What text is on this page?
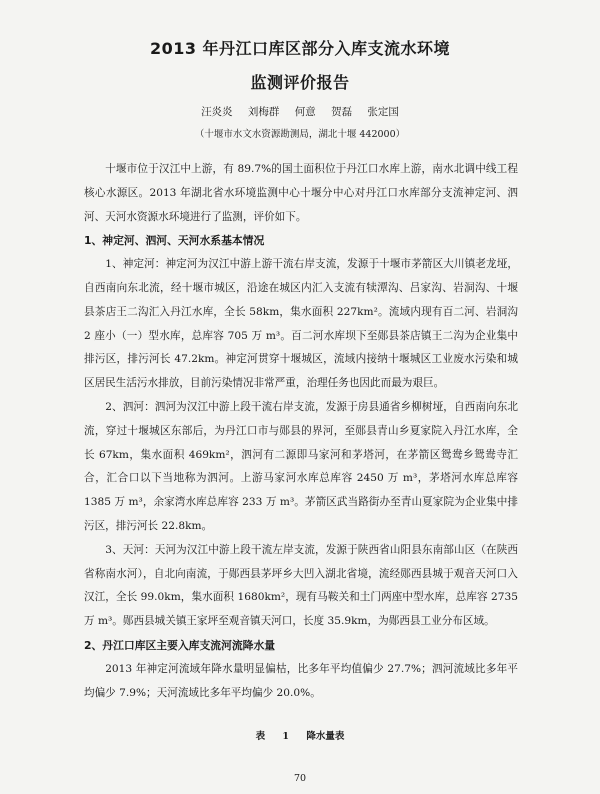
2013 年丹江口库区部分入库支流水环境
监测评价报告
汪炎炎 刘梅群 何意 贺磊 张定国
（十堰市水文水资源勘测局，湖北十堰 442000）

十堰市位于汉江中上游，有 89.7%的国土面积位于丹江口水库上游，南水北调中线工程核心水源区。2013 年湖北省水环境监测中心十堰分中心对丹江口水库部分支流神定河、泗河、天河水资源水环境进行了监测，评价如下。

1、神定河、泗河、天河水系基本情况

1、神定河：神定河为汉江中游上游干流右岸支流，发源于十堰市茅箭区大川镇老龙垭，自西南向东北流，经十堰市城区，沿途在城区内汇入支流有犊潭沟、吕家沟、岩洞沟、十堰县茶店王二沟汇入丹江水库，全长 58km，集水面积 227km²。流域内现有百二河、岩洞沟 2 座小（一）型水库，总库容 705 万 m³。百二河水库坝下至郧县茶店镇王二沟为企业集中排污区，排污河长 47.2km。神定河贯穿十堰城区，流域内接纳十堰城区工业废水污染和城区居民生活污水排放，目前污染情况非常严重，治理任务也因此而最为艰巨。

2、泗河：泗河为汉江中游上段干流右岸支流，发源于房县通省乡柳树垭，自西南向东北流，穿过十堰城区东部后，为丹江口市与郧县的界河，至郧县青山乡夏家院入丹江水库，全长 67km，集水面积 469km²，泗河有二源即马家河和茅塔河，在茅箭区鸳鸯乡鸳鸯寺汇合，汇合口以下当地称为泗河。上游马家河水库总库容 2450 万 m³，茅塔河水库总库容 1385 万 m³，余家湾水库总库容 233 万 m³。茅箭区武当路街办至青山夏家院为企业集中排污区，排污河长 22.8km。

3、天河：天河为汉江中游上段干流左岸支流，发源于陕西省山阳县东南部山区（在陕西省称南水河），自北向南流，于郧西县茅坪乡大凹入湖北省境，流经郧西县城于观音天河口入汉江，全长 99.0km，集水面积 1680km²，现有马鞍关和土门两座中型水库，总库容 2735 万 m³。郧西县城关镇王家坪至观音镇天河口，长度 35.9km，为郧西县工业分布区域。

2、丹江口库区主要入库支流河流降水量

2013 年神定河流域年降水量明显偏枯，比多年平均值偏少 27.7%；泗河流域比多年平均偏少 7.9%；天河流域比多年平均偏少 20.0%。

表 1 降水量表
70
